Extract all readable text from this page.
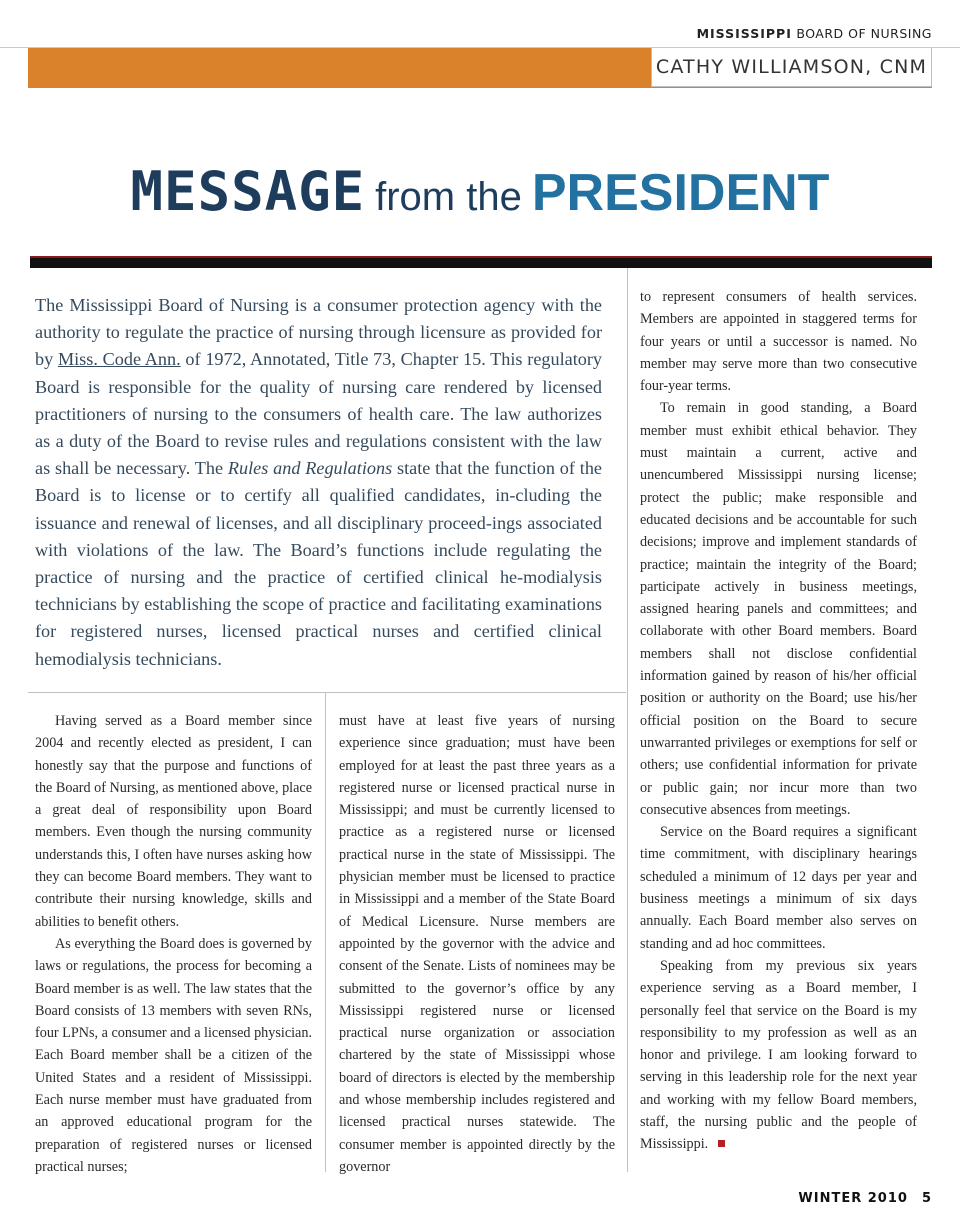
MISSISSIPPI BOARD OF NURSING
CATHY WILLIAMSON, CNM
MESSAGE from the PRESIDENT

The Mississippi Board of Nursing is a consumer protection agency with the authority to regulate the practice of nursing through licensure as provided for by Miss. Code Ann. of 1972, Annotated, Title 73, Chapter 15. This regulatory Board is responsible for the quality of nursing care rendered by licensed practitioners of nursing to the consumers of health care. The law authorizes as a duty of the Board to revise rules and regulations consistent with the law as shall be necessary. The Rules and Regulations state that the function of the Board is to license or to certify all qualified candidates, in-cluding the issuance and renewal of licenses, and all disciplinary proceed-ings associated with violations of the law. The Board’s functions include regulating the practice of nursing and the practice of certified clinical he-modialysis technicians by establishing the scope of practice and facilitating examinations for registered nurses, licensed practical nurses and certified clinical hemodialysis technicians.

Having served as a Board member since 2004 and recently elected as president, I can honestly say that the purpose and functions of the Board of Nursing, as mentioned above, place a great deal of responsibility upon Board members. Even though the nursing community understands this, I often have nurses asking how they can become Board members. They want to contribute their nursing knowledge, skills and abilities to benefit others.

As everything the Board does is governed by laws or regulations, the process for becoming a Board member is as well. The law states that the Board consists of 13 members with seven RNs, four LPNs, a consumer and a licensed physician. Each Board member shall be a citizen of the United States and a resident of Mississippi. Each nurse member must have graduated from an approved educational program for the preparation of registered nurses or licensed practical nurses;

must have at least five years of nursing experience since graduation; must have been employed for at least the past three years as a registered nurse or licensed practical nurse in Mississippi; and must be currently licensed to practice as a registered nurse or licensed practical nurse in the state of Mississippi. The physician member must be licensed to practice in Mississippi and a member of the State Board of Medical Licensure. Nurse members are appointed by the governor with the advice and consent of the Senate. Lists of nominees may be submitted to the governor’s office by any Mississippi registered nurse or licensed practical nurse organization or association chartered by the state of Mississippi whose board of directors is elected by the membership and whose membership includes registered and licensed practical nurses statewide. The consumer member is appointed directly by the governor

to represent consumers of health services. Members are appointed in staggered terms for four years or until a successor is named. No member may serve more than two consecutive four-year terms.

To remain in good standing, a Board member must exhibit ethical behavior. They must maintain a current, active and unencumbered Mississippi nursing license; protect the public; make responsible and educated decisions and be accountable for such decisions; improve and implement standards of practice; maintain the integrity of the Board; participate actively in business meetings, assigned hearing panels and committees; and collaborate with other Board members. Board members shall not disclose confidential information gained by reason of his/her official position or authority on the Board; use his/her official position on the Board to secure unwarranted privileges or exemptions for self or others; use confidential information for private or public gain; nor incur more than two consecutive absences from meetings.

Service on the Board requires a significant time commitment, with disciplinary hearings scheduled a minimum of 12 days per year and business meetings a minimum of six days annually. Each Board member also serves on standing and ad hoc committees.

Speaking from my previous six years experience serving as a Board member, I personally feel that service on the Board is my responsibility to my profession as well as an honor and privilege. I am looking forward to serving in this leadership role for the next year and working with my fellow Board members, staff, the nursing public and the people of Mississippi.

WINTER 2010 5
